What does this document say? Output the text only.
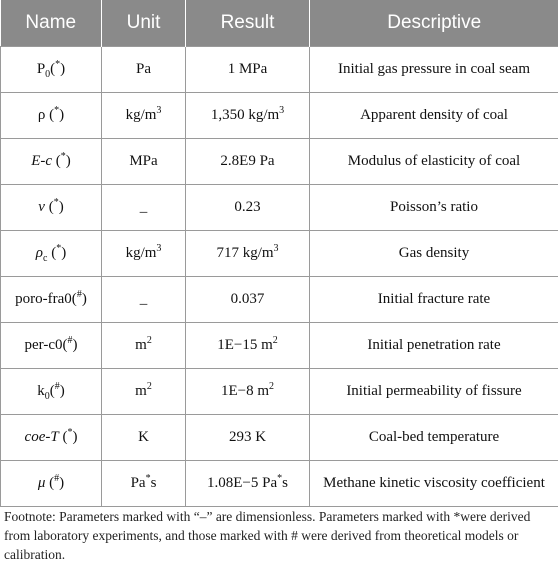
Name	Unit	Result	Descriptive
$P_0(^*)$	Pa	1 MPa	Initial gas pressure in coal seam
ρ (*)	$kg/m^3$	1,350 $kg/m^3$	Apparent density of coal
E-c (*)	MPa	2.8E9 Pa	Modulus of elasticity of coal
ν (*)	_	0.23	Poisson’s ratio
$\rho_c$ (*)	$kg/m^3$	717 $kg/m^3$	Gas density
poro-fra0(#)	_	0.037	Initial fracture rate
per-c0(#)	$m^2$	1E−15 $m^2$	Initial penetration rate
$k_0(^{\#})$	$m^2$	1E−8 $m^2$	Initial permeability of fissure
coe-T (*)	K	293 K	Coal-bed temperature
μ (#)	Pa*s	1.08E−5 Pa*s	Methane kinetic viscosity coefficient
Footnote: Parameters marked with “–” are dimensionless. Parameters marked with *were derived from laboratory experiments, and those marked with # were derived from theoretical models or calibration.
